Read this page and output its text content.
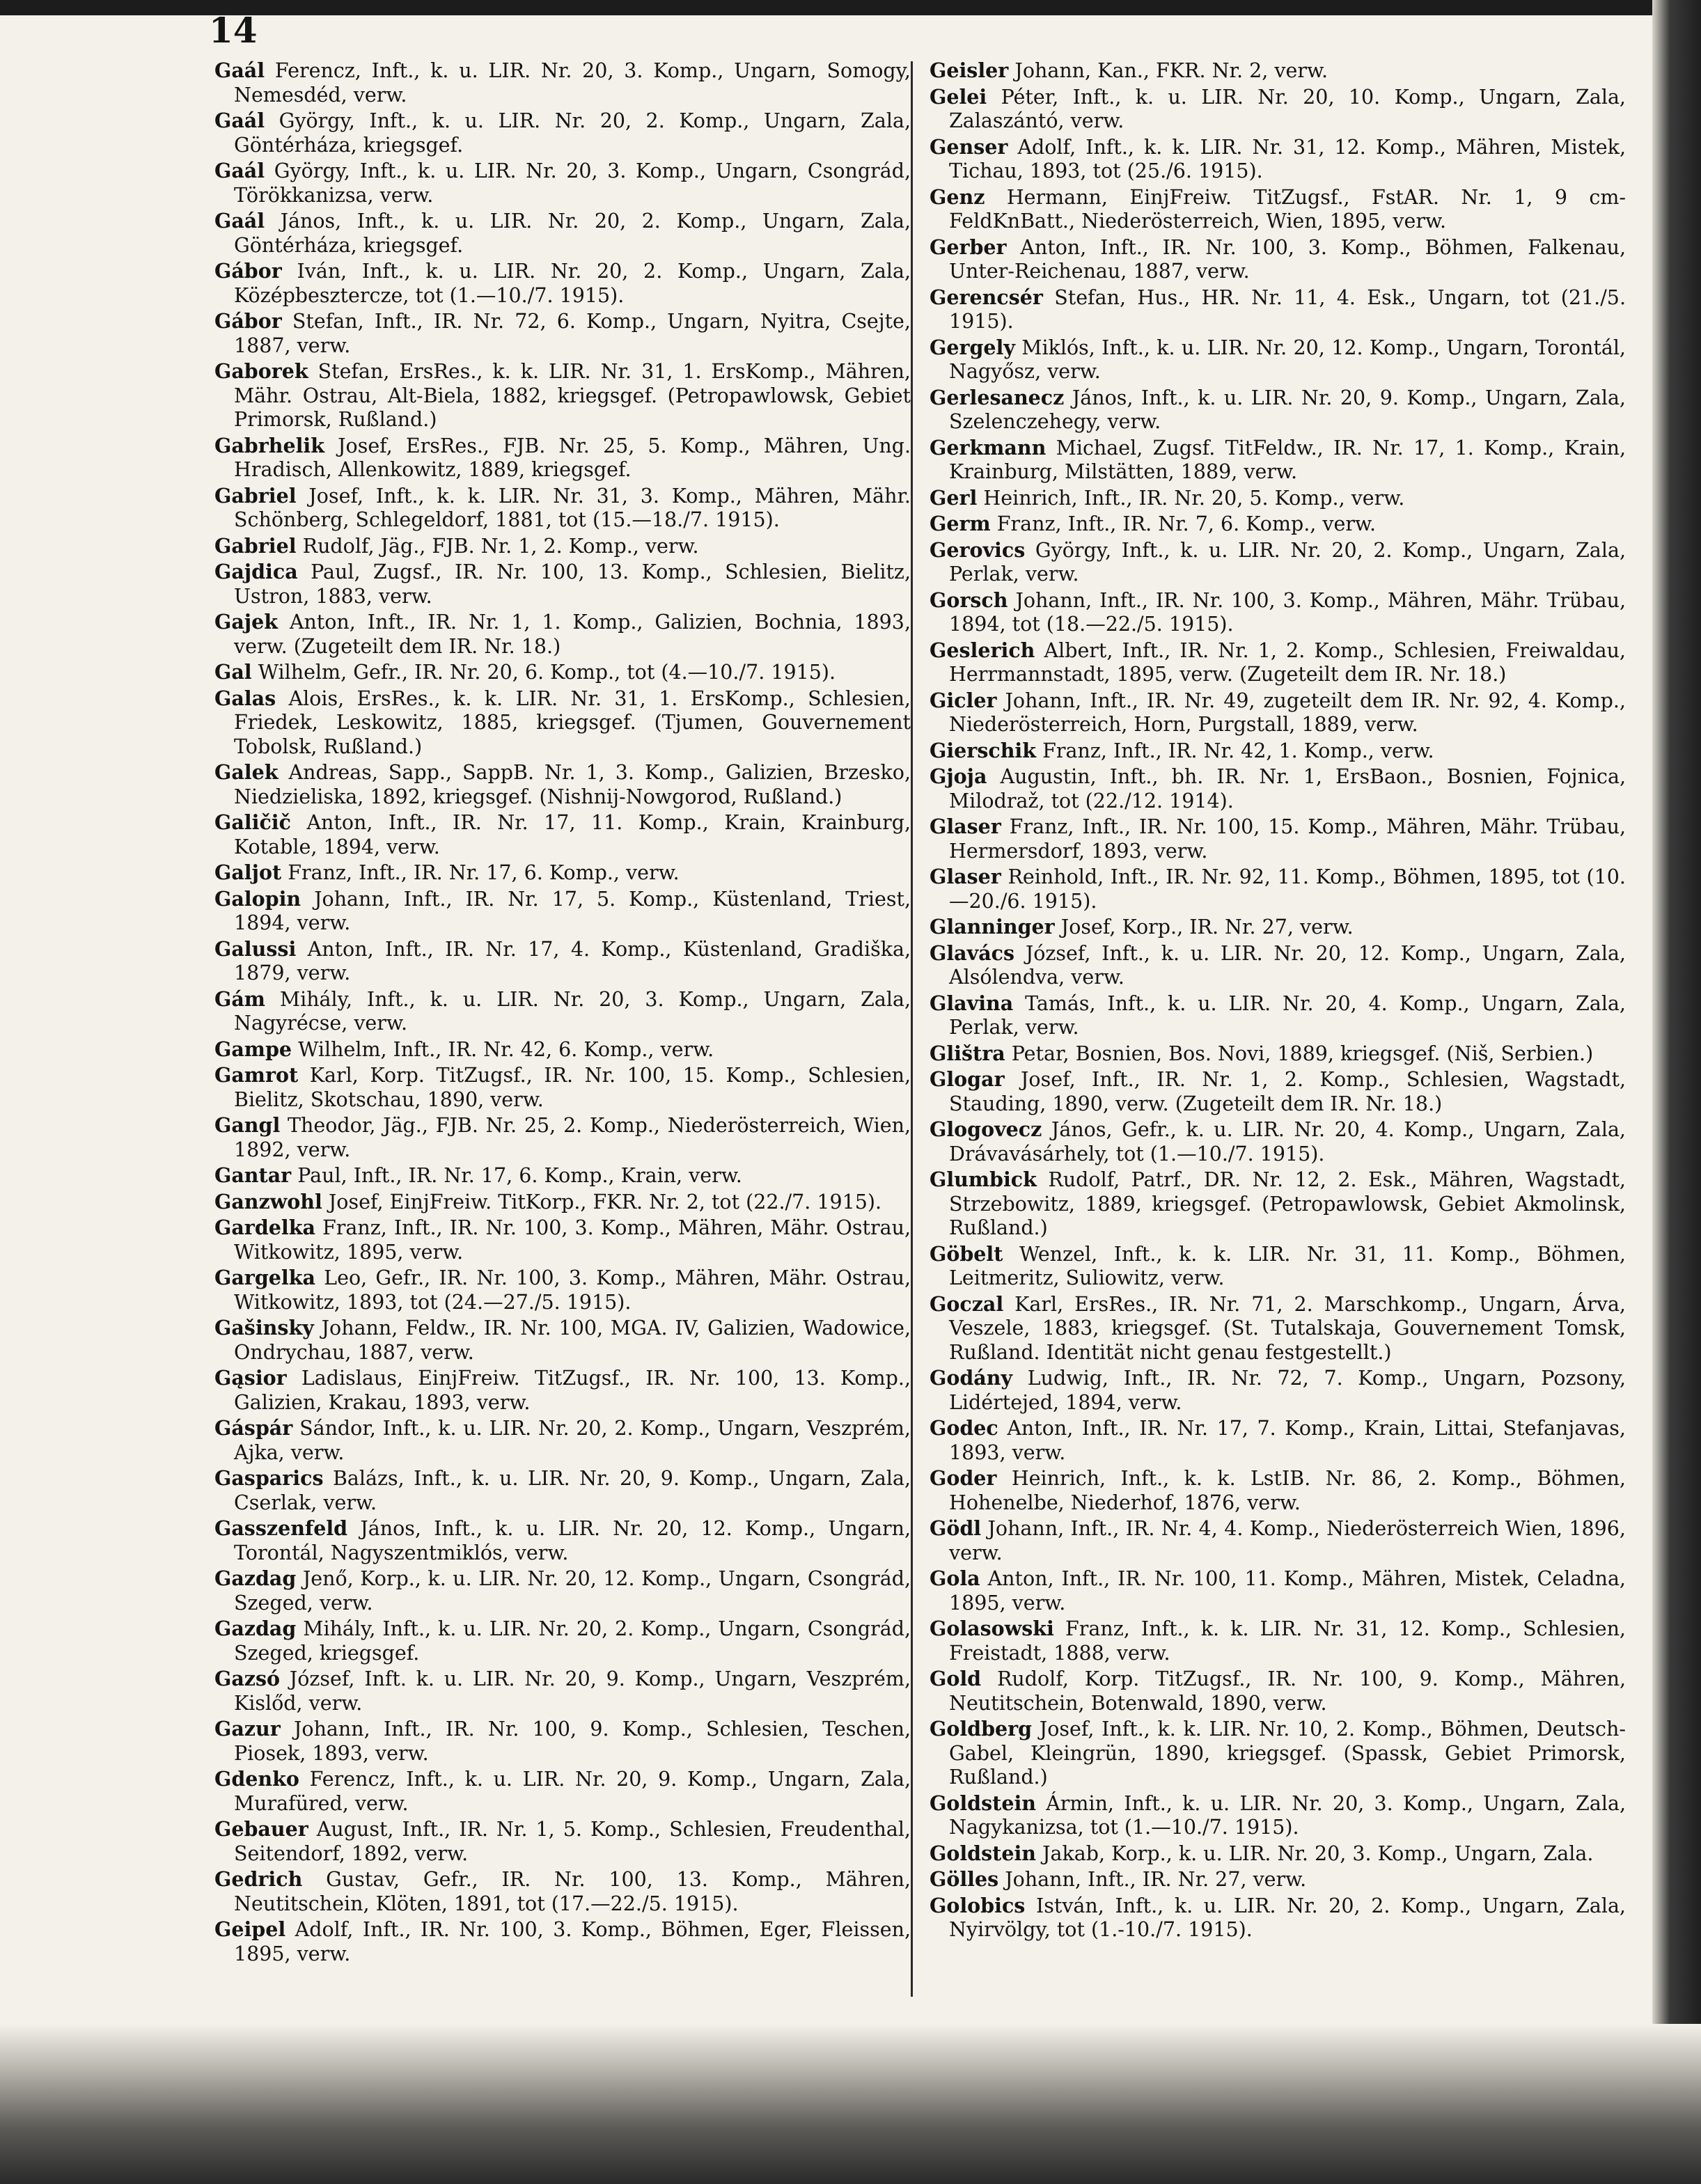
14
Gaál Ferencz, Inft., k. u. LIR. Nr. 20, 3. Komp., Ungarn, Somogy, Nemesdéd, verw.
Gaál György, Inft., k. u. LIR. Nr. 20, 2. Komp., Ungarn, Zala, Göntérháza, kriegsgef.
Gaál György, Inft., k. u. LIR. Nr. 20, 3. Komp., Ungarn, Csongrád, Törökkanizsa, verw.
Gaál János, Inft., k. u. LIR. Nr. 20, 2. Komp., Ungarn, Zala, Göntérháza, kriegsgef.
Gábor Iván, Inft., k. u. LIR. Nr. 20, 2. Komp., Ungarn, Zala, Középbesztercze, tot (1.—10./7. 1915).
Gábor Stefan, Inft., IR. Nr. 72, 6. Komp., Ungarn, Nyitra, Csejte, 1887, verw.
Gaborek Stefan, ErsRes., k. k. LIR. Nr. 31, 1. ErsKomp., Mähren, Mähr. Ostrau, Alt-Biela, 1882, kriegsgef. (Petropawlowsk, Gebiet Primorsk, Rußland.)
Gabrhelik Josef, ErsRes., FJB. Nr. 25, 5. Komp., Mähren, Ung. Hradisch, Allenkowitz, 1889, kriegsgef.
Gabriel Josef, Inft., k. k. LIR. Nr. 31, 3. Komp., Mähren, Mähr. Schönberg, Schlegeldorf, 1881, tot (15.—18./7. 1915).
Gabriel Rudolf, Jäg., FJB. Nr. 1, 2. Komp., verw.
Gajdica Paul, Zugsf., IR. Nr. 100, 13. Komp., Schlesien, Bielitz, Ustron, 1883, verw.
Gajek Anton, Inft., IR. Nr. 1, 1. Komp., Galizien, Bochnia, 1893, verw. (Zugeteilt dem IR. Nr. 18.)
Gal Wilhelm, Gefr., IR. Nr. 20, 6. Komp., tot (4.—10./7. 1915).
Galas Alois, ErsRes., k. k. LIR. Nr. 31, 1. ErsKomp., Schlesien, Friedek, Leskowitz, 1885, kriegsgef. (Tjumen, Gouvernement Tobolsk, Rußland.)
Galek Andreas, Sapp., SappB. Nr. 1, 3. Komp., Galizien, Brzesko, Niedzieliska, 1892, kriegsgef. (Nishnij-Nowgorod, Rußland.)
Galičič Anton, Inft., IR. Nr. 17, 11. Komp., Krain, Krainburg, Kotable, 1894, verw.
Galjot Franz, Inft., IR. Nr. 17, 6. Komp., verw.
Galopin Johann, Inft., IR. Nr. 17, 5. Komp., Küstenland, Triest, 1894, verw.
Galussi Anton, Inft., IR. Nr. 17, 4. Komp., Küstenland, Gradiška, 1879, verw.
Gám Mihály, Inft., k. u. LIR. Nr. 20, 3. Komp., Ungarn, Zala, Nagyrécse, verw.
Gampe Wilhelm, Inft., IR. Nr. 42, 6. Komp., verw.
Gamrot Karl, Korp. TitZugsf., IR. Nr. 100, 15. Komp., Schlesien, Bielitz, Skotschau, 1890, verw.
Gangl Theodor, Jäg., FJB. Nr. 25, 2. Komp., Niederösterreich, Wien, 1892, verw.
Gantar Paul, Inft., IR. Nr. 17, 6. Komp., Krain, verw.
Ganzwohl Josef, EinjFreiw. TitKorp., FKR. Nr. 2, tot (22./7. 1915).
Gardelka Franz, Inft., IR. Nr. 100, 3. Komp., Mähren, Mähr. Ostrau, Witkowitz, 1895, verw.
Gargelka Leo, Gefr., IR. Nr. 100, 3. Komp., Mähren, Mähr. Ostrau, Witkowitz, 1893, tot (24.—27./5. 1915).
Gašinsky Johann, Feldw., IR. Nr. 100, MGA. IV, Galizien, Wadowice, Ondrychau, 1887, verw.
Gąsior Ladislaus, EinjFreiw. TitZugsf., IR. Nr. 100, 13. Komp., Galizien, Krakau, 1893, verw.
Gáspár Sándor, Inft., k. u. LIR. Nr. 20, 2. Komp., Ungarn, Veszprém, Ajka, verw.
Gasparics Balázs, Inft., k. u. LIR. Nr. 20, 9. Komp., Ungarn, Zala, Cserlak, verw.
Gasszenfeld János, Inft., k. u. LIR. Nr. 20, 12. Komp., Ungarn, Torontál, Nagyszentmiklós, verw.
Gazdag Jenő, Korp., k. u. LIR. Nr. 20, 12. Komp., Ungarn, Csongrád, Szeged, verw.
Gazdag Mihály, Inft., k. u. LIR. Nr. 20, 2. Komp., Ungarn, Csongrád, Szeged, kriegsgef.
Gazsó József, Inft. k. u. LIR. Nr. 20, 9. Komp., Ungarn, Veszprém, Kislőd, verw.
Gazur Johann, Inft., IR. Nr. 100, 9. Komp., Schlesien, Teschen, Piosek, 1893, verw.
Gdenko Ferencz, Inft., k. u. LIR. Nr. 20, 9. Komp., Ungarn, Zala, Murafüred, verw.
Gebauer August, Inft., IR. Nr. 1, 5. Komp., Schlesien, Freudenthal, Seitendorf, 1892, verw.
Gedrich Gustav, Gefr., IR. Nr. 100, 13. Komp., Mähren, Neutitschein, Klöten, 1891, tot (17.—22./5. 1915).
Geipel Adolf, Inft., IR. Nr. 100, 3. Komp., Böhmen, Eger, Fleissen, 1895, verw.
Geisler Johann, Kan., FKR. Nr. 2, verw.
Gelei Péter, Inft., k. u. LIR. Nr. 20, 10. Komp., Ungarn, Zala, Zalaszántó, verw.
Genser Adolf, Inft., k. k. LIR. Nr. 31, 12. Komp., Mähren, Mistek, Tichau, 1893, tot (25./6. 1915).
Genz Hermann, EinjFreiw. TitZugsf., FstAR. Nr. 1, 9 cm-FeldKnBatt., Niederösterreich, Wien, 1895, verw.
Gerber Anton, Inft., IR. Nr. 100, 3. Komp., Böhmen, Falkenau, Unter-Reichenau, 1887, verw.
Gerencsér Stefan, Hus., HR. Nr. 11, 4. Esk., Ungarn, tot (21./5. 1915).
Gergely Miklós, Inft., k. u. LIR. Nr. 20, 12. Komp., Ungarn, Torontál, Nagyősz, verw.
Gerlesanecz János, Inft., k. u. LIR. Nr. 20, 9. Komp., Ungarn, Zala, Szelenczehegy, verw.
Gerkmann Michael, Zugsf. TitFeldw., IR. Nr. 17, 1. Komp., Krain, Krainburg, Milstätten, 1889, verw.
Gerl Heinrich, Inft., IR. Nr. 20, 5. Komp., verw.
Germ Franz, Inft., IR. Nr. 7, 6. Komp., verw.
Gerovics György, Inft., k. u. LIR. Nr. 20, 2. Komp., Ungarn, Zala, Perlak, verw.
Gorsch Johann, Inft., IR. Nr. 100, 3. Komp., Mähren, Mähr. Trübau, 1894, tot (18.—22./5. 1915).
Geslerich Albert, Inft., IR. Nr. 1, 2. Komp., Schlesien, Freiwaldau, Herrmannstadt, 1895, verw. (Zugeteilt dem IR. Nr. 18.)
Gicler Johann, Inft., IR. Nr. 49, zugeteilt dem IR. Nr. 92, 4. Komp., Niederösterreich, Horn, Purgstall, 1889, verw.
Gierschik Franz, Inft., IR. Nr. 42, 1. Komp., verw.
Gjoja Augustin, Inft., bh. IR. Nr. 1, ErsBaon., Bosnien, Fojnica, Milodraž, tot (22./12. 1914).
Glaser Franz, Inft., IR. Nr. 100, 15. Komp., Mähren, Mähr. Trübau, Hermersdorf, 1893, verw.
Glaser Reinhold, Inft., IR. Nr. 92, 11. Komp., Böhmen, 1895, tot (10.—20./6. 1915).
Glanninger Josef, Korp., IR. Nr. 27, verw.
Glavács József, Inft., k. u. LIR. Nr. 20, 12. Komp., Ungarn, Zala, Alsólendva, verw.
Glavina Tamás, Inft., k. u. LIR. Nr. 20, 4. Komp., Ungarn, Zala, Perlak, verw.
Glištra Petar, Bosnien, Bos. Novi, 1889, kriegsgef. (Niš, Serbien.)
Glogar Josef, Inft., IR. Nr. 1, 2. Komp., Schlesien, Wagstadt, Stauding, 1890, verw. (Zugeteilt dem IR. Nr. 18.)
Glogovecz János, Gefr., k. u. LIR. Nr. 20, 4. Komp., Ungarn, Zala, Drávavásárhely, tot (1.—10./7. 1915).
Glumbick Rudolf, Patrf., DR. Nr. 12, 2. Esk., Mähren, Wagstadt, Strzebowitz, 1889, kriegsgef. (Petropawlowsk, Gebiet Akmolinsk, Rußland.)
Göbelt Wenzel, Inft., k. k. LIR. Nr. 31, 11. Komp., Böhmen, Leitmeritz, Suliowitz, verw.
Goczal Karl, ErsRes., IR. Nr. 71, 2. Marschkomp., Ungarn, Árva, Veszele, 1883, kriegsgef. (St. Tutalskaja, Gouvernement Tomsk, Rußland. Identität nicht genau festgestellt.)
Godány Ludwig, Inft., IR. Nr. 72, 7. Komp., Ungarn, Pozsony, Lidértejed, 1894, verw.
Godec Anton, Inft., IR. Nr. 17, 7. Komp., Krain, Littai, Stefanjavas, 1893, verw.
Goder Heinrich, Inft., k. k. LstIB. Nr. 86, 2. Komp., Böhmen, Hohenelbe, Niederhof, 1876, verw.
Gödl Johann, Inft., IR. Nr. 4, 4. Komp., Niederösterreich Wien, 1896, verw.
Gola Anton, Inft., IR. Nr. 100, 11. Komp., Mähren, Mistek, Celadna, 1895, verw.
Golasowski Franz, Inft., k. k. LIR. Nr. 31, 12. Komp., Schlesien, Freistadt, 1888, verw.
Gold Rudolf, Korp. TitZugsf., IR. Nr. 100, 9. Komp., Mähren, Neutitschein, Botenwald, 1890, verw.
Goldberg Josef, Inft., k. k. LIR. Nr. 10, 2. Komp., Böhmen, Deutsch-Gabel, Kleingrün, 1890, kriegsgef. (Spassk, Gebiet Primorsk, Rußland.)
Goldstein Ármin, Inft., k. u. LIR. Nr. 20, 3. Komp., Ungarn, Zala, Nagykanizsa, tot (1.—10./7. 1915).
Goldstein Jakab, Korp., k. u. LIR. Nr. 20, 3. Komp., Ungarn, Zala.
Gölles Johann, Inft., IR. Nr. 27, verw.
Golobics István, Inft., k. u. LIR. Nr. 20, 2. Komp., Ungarn, Zala, Nyirvölgy, tot (1.-10./7. 1915).
